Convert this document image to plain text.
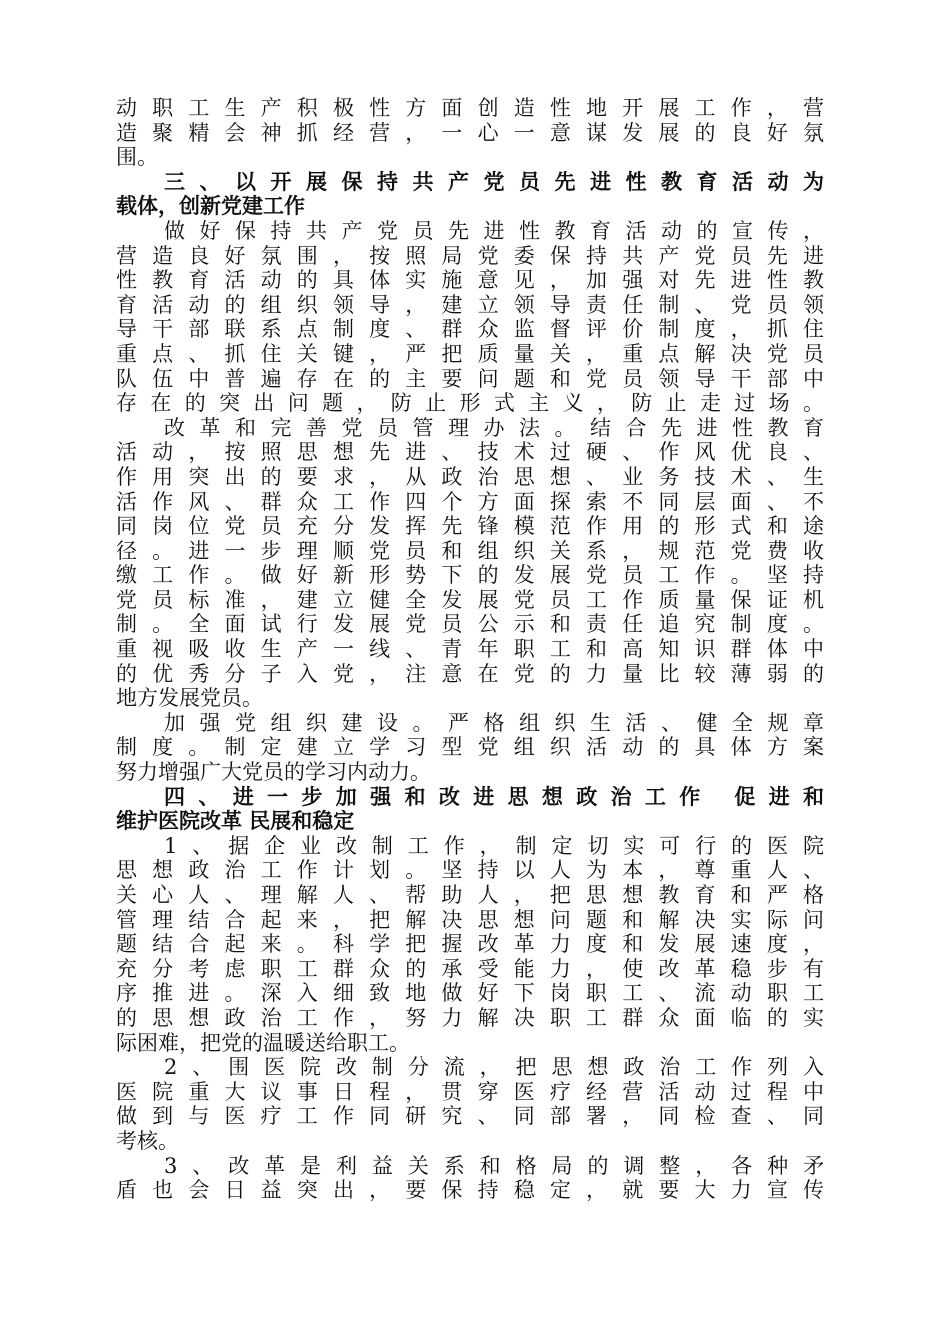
动职工生产积极性方面创造性地开展工作，营
造聚精会神抓经营，一心一意谋发展的良好氛
围。
三、以开展保持共产党员先进性教育活动为
载体，创新党建工作
做好保持共产党员先进性教育活动的宣传，
营造良好氛围，按照局党委保持共产党员先进
性教育活动的具体实施意见，加强对先进性教
育活动的组织领导，建立领导责任制、党员领
导干部联系点制度、群众监督评价制度，抓住
重点、抓住关键，严把质量关，重点解决党员
队伍中普遍存在的主要问题和党员领导干部中
存在的突出问题，防止形式主义，防止走过场。
改革和完善党员管理办法。结合先进性教育
活动，按照思想先进、技术过硬、作风优良、
作用突出的要求，从政治思想、业务技术、生
活作风、群众工作四个方面探索不同层面、不
同岗位党员充分发挥先锋模范作用的形式和途
径。进一步理顺党员和组织关系，规范党费收
缴工作。做好新形势下的发展党员工作。坚持
党员标准，建立健全发展党员工作质量保证机
制。全面试行发展党员公示和责任追究制度。
重视吸收生产一线、青年职工和高知识群体中
的优秀分子入党，注意在党的力量比较薄弱的
地方发展党员。
加强党组织建设。严格组织生活、健全规章
制度。制定建立学习型党组织活动的具体方案
努力增强广大党员的学习内动力。
四、进一步加强和改进思想政治工作 促进和
维护医院改革 民展和稳定
1、据企业改制工作，制定切实可行的医院
思想政治工作计划。坚持以人为本，尊重人、
关心人、理解人、帮助人，把思想教育和严格
管理结合起来，把解决思想问题和解决实际问
题结合起来。科学把握改革力度和发展速度，
充分考虑职工群众的承受能力，使改革稳步有
序推进。深入细致地做好下岗职工、流动职工
的思想政治工作，努力解决职工群众面临的实
际困难，把党的温暖送给职工。
2、围医院改制分流，把思想政治工作列入
医院重大议事日程，贯穿医疗经营活动过程中
做到与医疗工作同研究、同部署，同检查、同
考核。
3、改革是利益关系和格局的调整，各种矛
盾也会日益突出，要保持稳定，就要大力宣传
